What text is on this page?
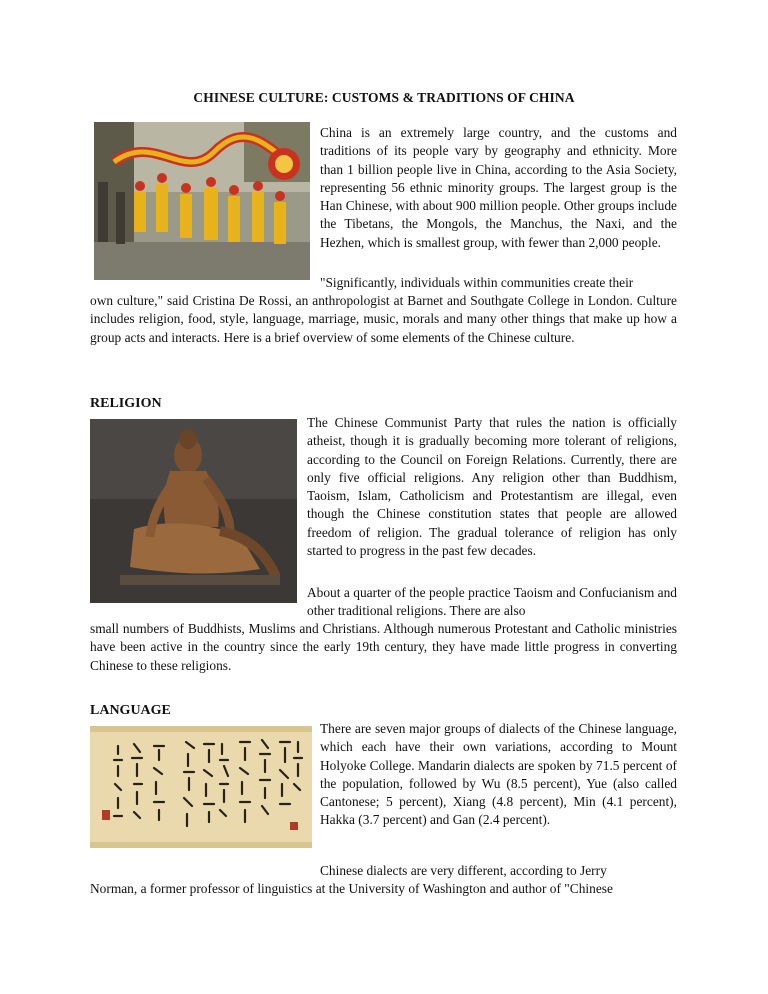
CHINESE CULTURE: CUSTOMS & TRADITIONS OF CHINA

China is an extremely large country, and the customs and traditions of its people vary by geography and ethnicity. More than 1 billion people live in China, according to the Asia Society, representing 56 ethnic minority groups. The largest group is the Han Chinese, with about 900 million people. Other groups include the Tibetans, the Mongols, the Manchus, the Naxi, and the Hezhen, which is smallest group, with fewer than 2,000 people.

"Significantly, individuals within communities create their

own culture," said Cristina De Rossi, an anthropologist at Barnet and Southgate College in London. Culture includes religion, food, style, language, marriage, music, morals and many other things that make up how a group acts and interacts. Here is a brief overview of some elements of the Chinese culture.

RELIGION

The Chinese Communist Party that rules the nation is officially atheist, though it is gradually becoming more tolerant of religions, according to the Council on Foreign Relations. Currently, there are only five official religions. Any religion other than Buddhism, Taoism, Islam, Catholicism and Protestantism are illegal, even though the Chinese constitution states that people are allowed freedom of religion. The gradual tolerance of religion has only started to progress in the past few decades.

About a quarter of the people practice Taoism and Confucianism and other traditional religions. There are also

small numbers of Buddhists, Muslims and Christians. Although numerous Protestant and Catholic ministries have been active in the country since the early 19th century, they have made little progress in converting Chinese to these religions.

LANGUAGE

There are seven major groups of dialects of the Chinese language, which each have their own variations, according to Mount Holyoke College. Mandarin dialects are spoken by 71.5 percent of the population, followed by Wu (8.5 percent), Yue (also called Cantonese; 5 percent), Xiang (4.8 percent), Min (4.1 percent), Hakka (3.7 percent) and Gan (2.4 percent).

Chinese dialects are very different, according to Jerry

Norman, a former professor of linguistics at the University of Washington and author of "Chinese
